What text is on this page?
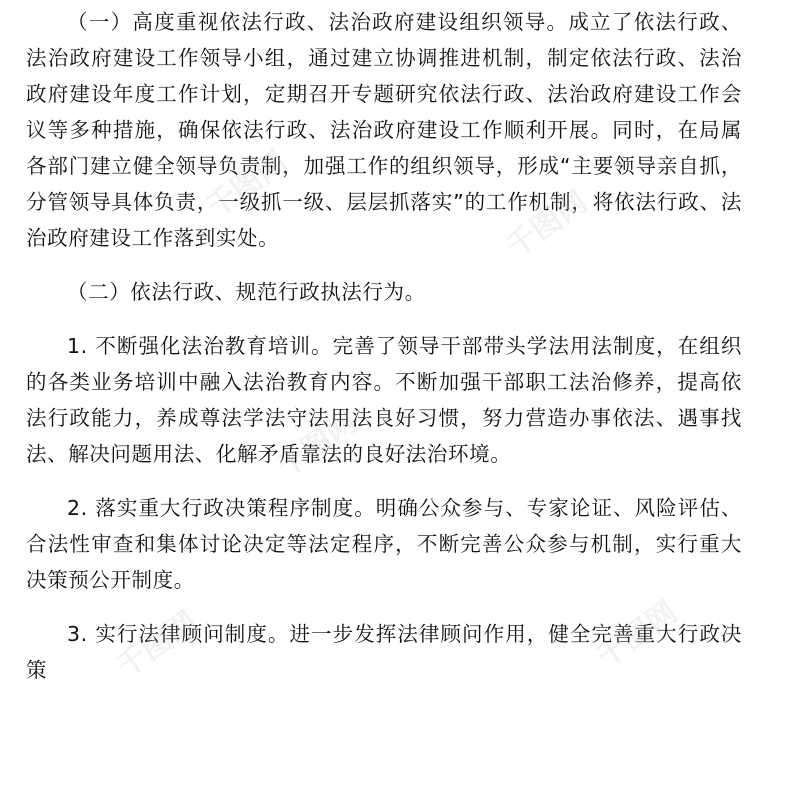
（一）高度重视依法行政、法治政府建设组织领导。成立了依法行政、法治政府建设工作领导小组，通过建立协调推进机制，制定依法行政、法治政府建设年度工作计划，定期召开专题研究依法行政、法治政府建设工作会议等多种措施，确保依法行政、法治政府建设工作顺利开展。同时，在局属各部门建立健全领导负责制，加强工作的组织领导，形成“主要领导亲自抓，分管领导具体负责，一级抓一级、层层抓落实”的工作机制，将依法行政、法治政府建设工作落到实处。

（二）依法行政、规范行政执法行为。

1. 不断强化法治教育培训。完善了领导干部带头学法用法制度，在组织的各类业务培训中融入法治教育内容。不断加强干部职工法治修养，提高依法行政能力，养成尊法学法守法用法良好习惯，努力营造办事依法、遇事找法、解决问题用法、化解矛盾靠法的良好法治环境。

2. 落实重大行政决策程序制度。明确公众参与、专家论证、风险评估、合法性审查和集体讨论决定等法定程序，不断完善公众参与机制，实行重大决策预公开制度。

3. 实行法律顾问制度。进一步发挥法律顾问作用，健全完善重大行政决策

千图网	千图网
千图网
千图网
千图网
